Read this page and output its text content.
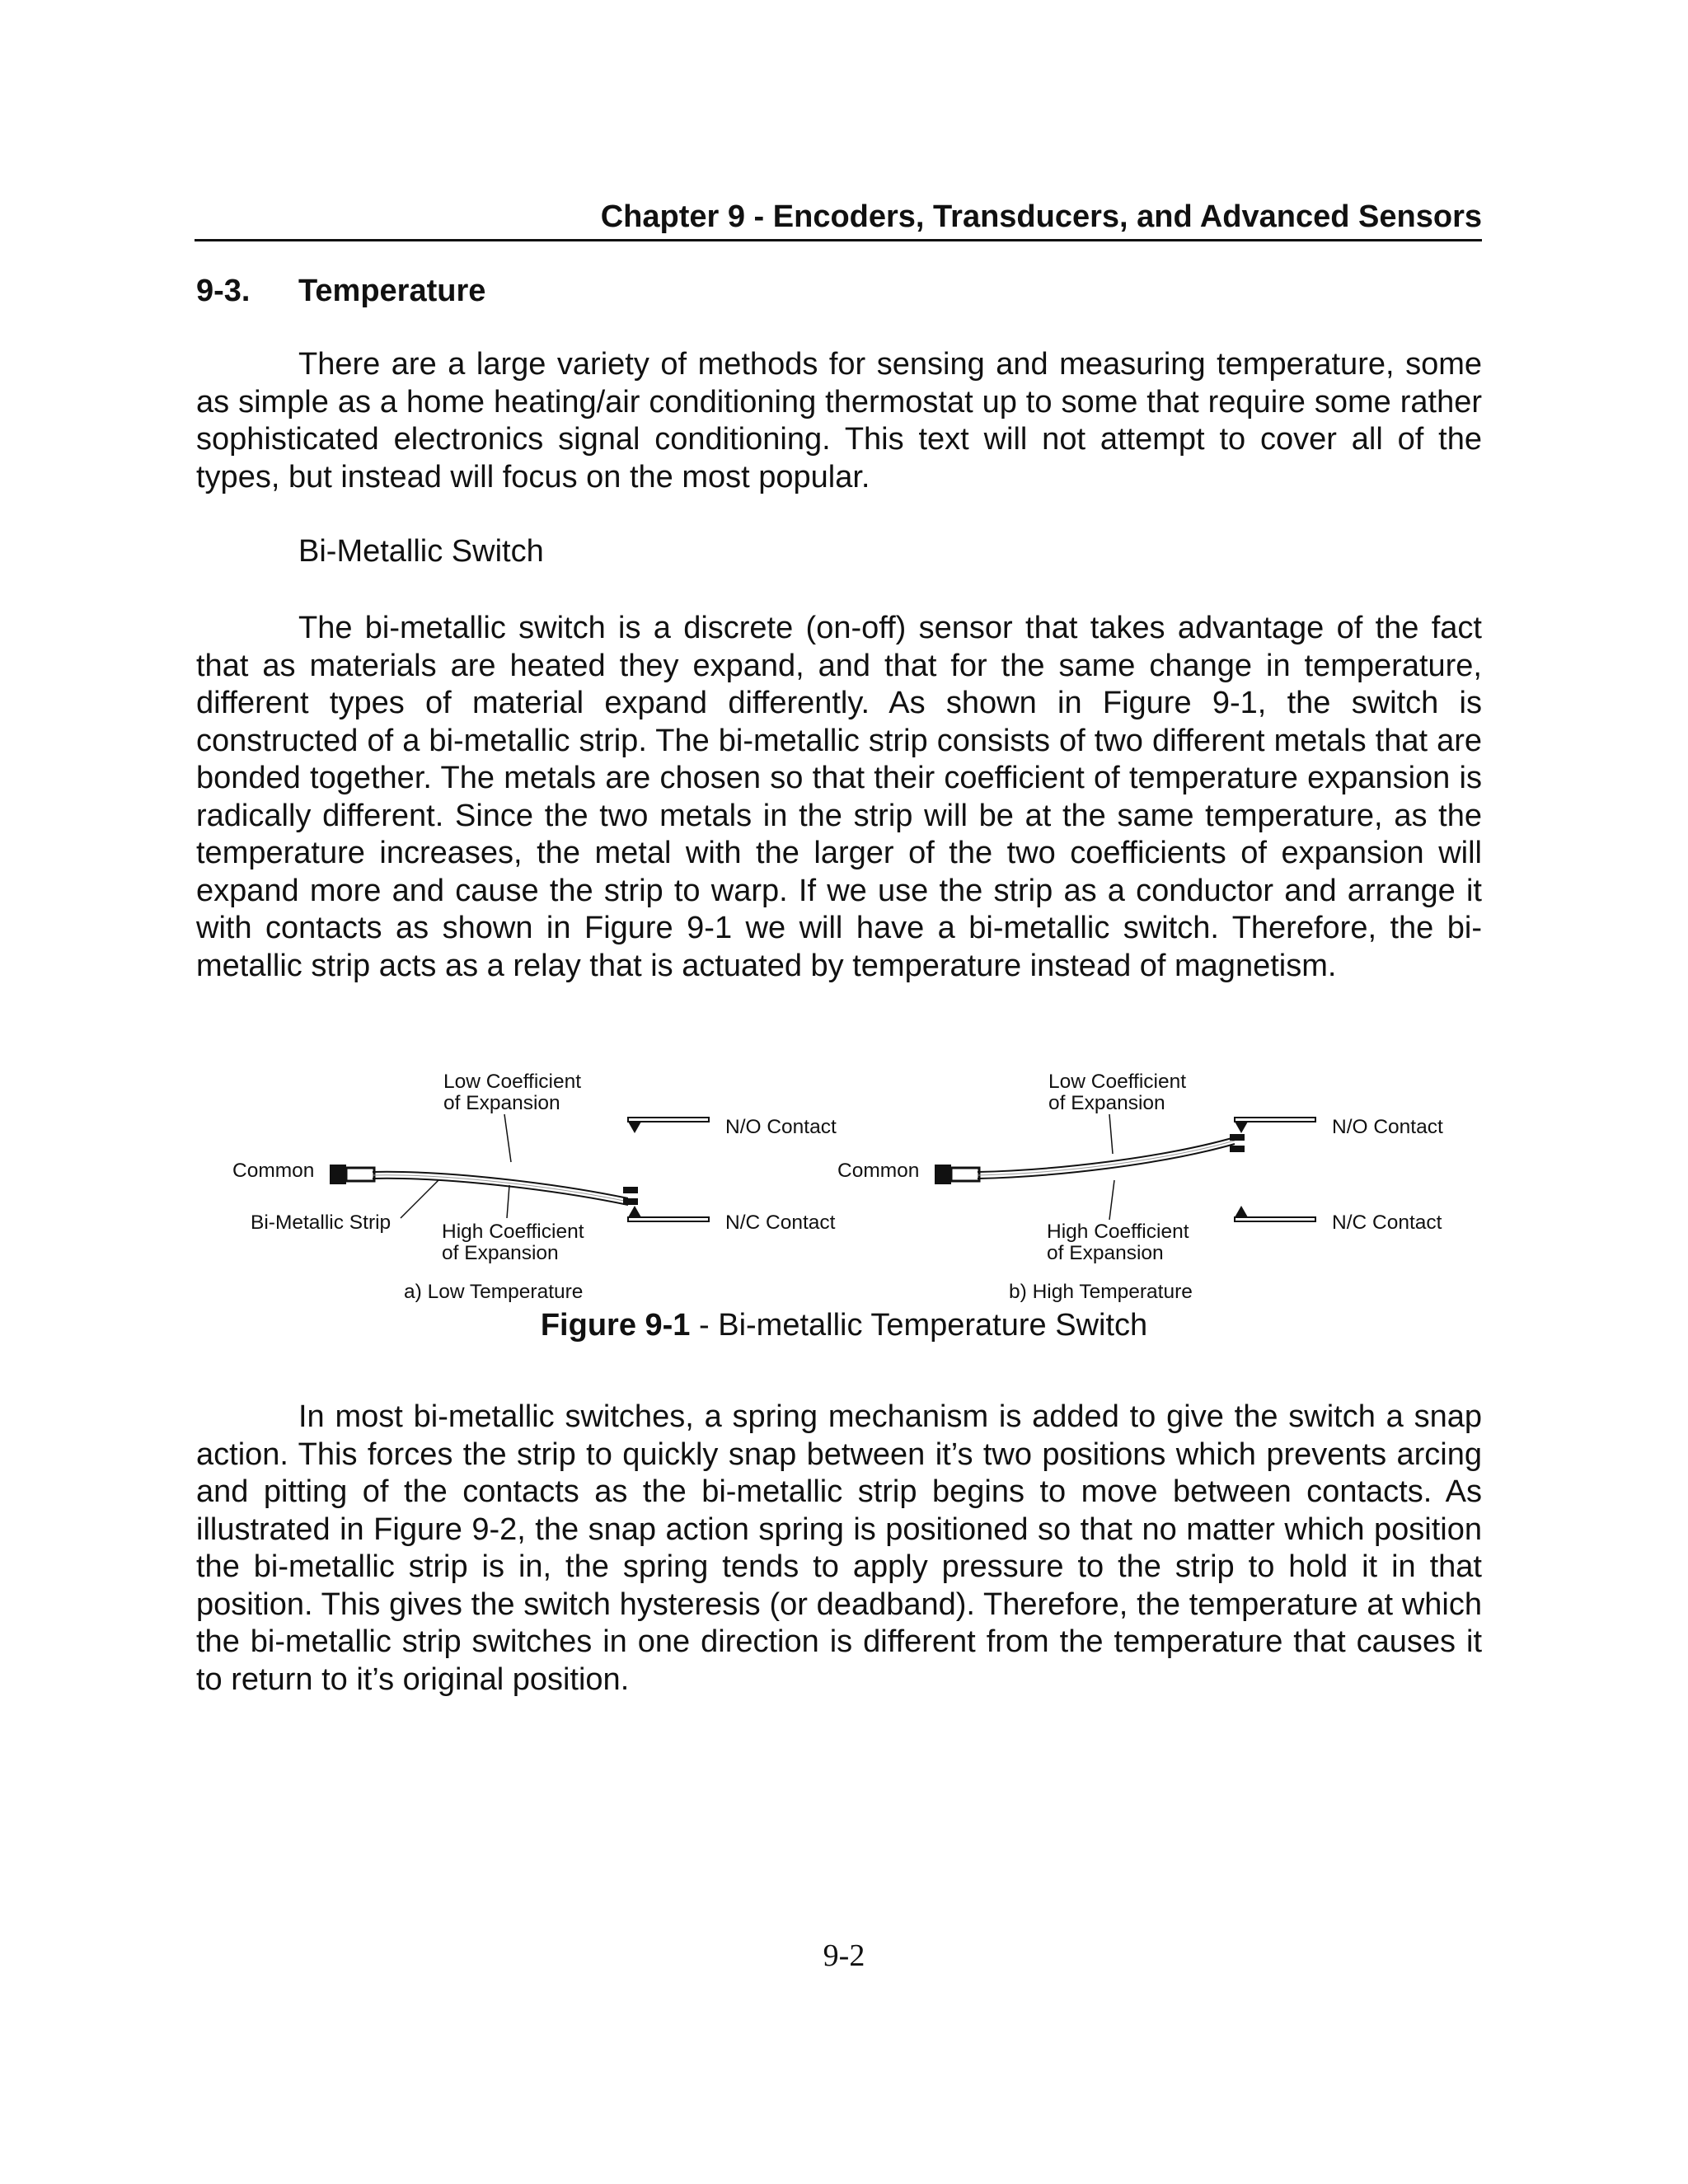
Chapter 9 - Encoders, Transducers, and Advanced Sensors
9-3. Temperature

There are a large variety of methods for sensing and measuring temperature, some as simple as a home heating/air conditioning thermostat up to some that require some rather sophisticated electronics signal conditioning. This text will not attempt to cover all of the types, but instead will focus on the most popular.

Bi-Metallic Switch

The bi-metallic switch is a discrete (on-off) sensor that takes advantage of the fact that as materials are heated they expand, and that for the same change in temperature, different types of material expand differently. As shown in Figure 9-1, the switch is constructed of a bi-metallic strip. The bi-metallic strip consists of two different metals that are bonded together. The metals are chosen so that their coefficient of temperature expansion is radically different. Since the two metals in the strip will be at the same temperature, as the temperature increases, the metal with the larger of the two coefficients of expansion will expand more and cause the strip to warp. If we use the strip as a conductor and arrange it with contacts as shown in Figure 9-1 we will have a bi-metallic switch. Therefore, the bi-metallic strip acts as a relay that is actuated by temperature instead of magnetism.

Low Coefficient
of Expansion
N/O Contact
Common
N/C Contact
Bi-Metallic Strip	High Coefficient
of Expansion
a) Low Temperature
Low Coefficient
of Expansion
N/O Contact
Common
N/C Contact
High Coefficient
of Expansion
b) High Temperature
Figure 9-1 - Bi-metallic Temperature Switch

In most bi-metallic switches, a spring mechanism is added to give the switch a snap action. This forces the strip to quickly snap between it’s two positions which prevents arcing and pitting of the contacts as the bi-metallic strip begins to move between contacts. As illustrated in Figure 9-2, the snap action spring is positioned so that no matter which position the bi-metallic strip is in, the spring tends to apply pressure to the strip to hold it in that position. This gives the switch hysteresis (or deadband). Therefore, the temperature at which the bi-metallic strip switches in one direction is different from the temperature that causes it to return to it’s original position.

9-2
